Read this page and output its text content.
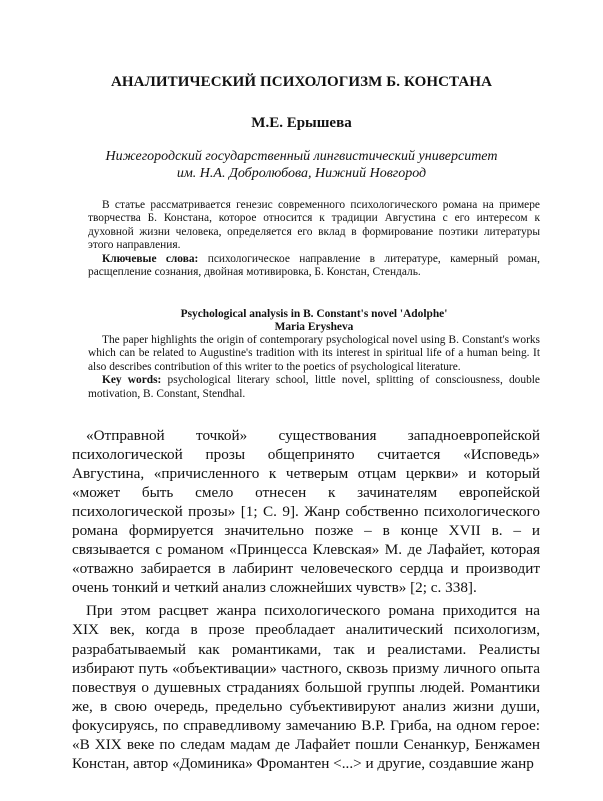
АНАЛИТИЧЕСКИЙ ПСИХОЛОГИЗМ Б. КОНСТАНА
М.Е. Ерышева
Нижегородский государственный лингвистический университет
им. Н.А. Добролюбова, Нижний Новгород

В статье рассматривается генезис современного психологического романа на примере творчества Б. Констана, которое относится к традиции Августина с его интересом к духовной жизни человека, определяется его вклад в формирование поэтики литературы этого направления.

Ключевые слова: психологическое направление в литературе, камерный роман, расщепление сознания, двойная мотивировка, Б. Констан, Стендаль.

Psychological analysis in B. Constant's novel 'Adolphe'
Maria Erysheva

The paper highlights the origin of contemporary psychological novel using B. Constant's works which can be related to Augustine's tradition with its interest in spiritual life of a human being. It also describes contribution of this writer to the poetics of psychological literature.

Key words: psychological literary school, little novel, splitting of consciousness, double motivation, B. Constant, Stendhal.

«Отправной точкой» существования западноевропейской психологической прозы общепринято считается «Исповедь» Августина, «причисленного к четверым отцам церкви» и который «может быть смело отнесен к зачинателям европейской психологической прозы» [1; С. 9]. Жанр собственно психологического романа формируется значительно позже – в конце XVII в. – и связывается с романом «Принцесса Клевская» М. де Лафайет, которая «отважно забирается в лабиринт человеческого сердца и производит очень тонкий и четкий анализ сложнейших чувств» [2; с. 338].

При этом расцвет жанра психологического романа приходится на XIX век, когда в прозе преобладает аналитический психологизм, разрабатываемый как романтиками, так и реалистами. Реалисты избирают путь «объективации» частного, сквозь призму личного опыта повествуя о душевных страданиях большой группы людей. Романтики же, в свою очередь, предельно субъективируют анализ жизни души, фокусируясь, по справедливому замечанию В.Р. Гриба, на одном герое: «В XIX веке по следам мадам де Лафайет пошли Сенанкур, Бенжамен Констан, автор «Доминика» Фромантен <...> и другие, создавшие жанр
